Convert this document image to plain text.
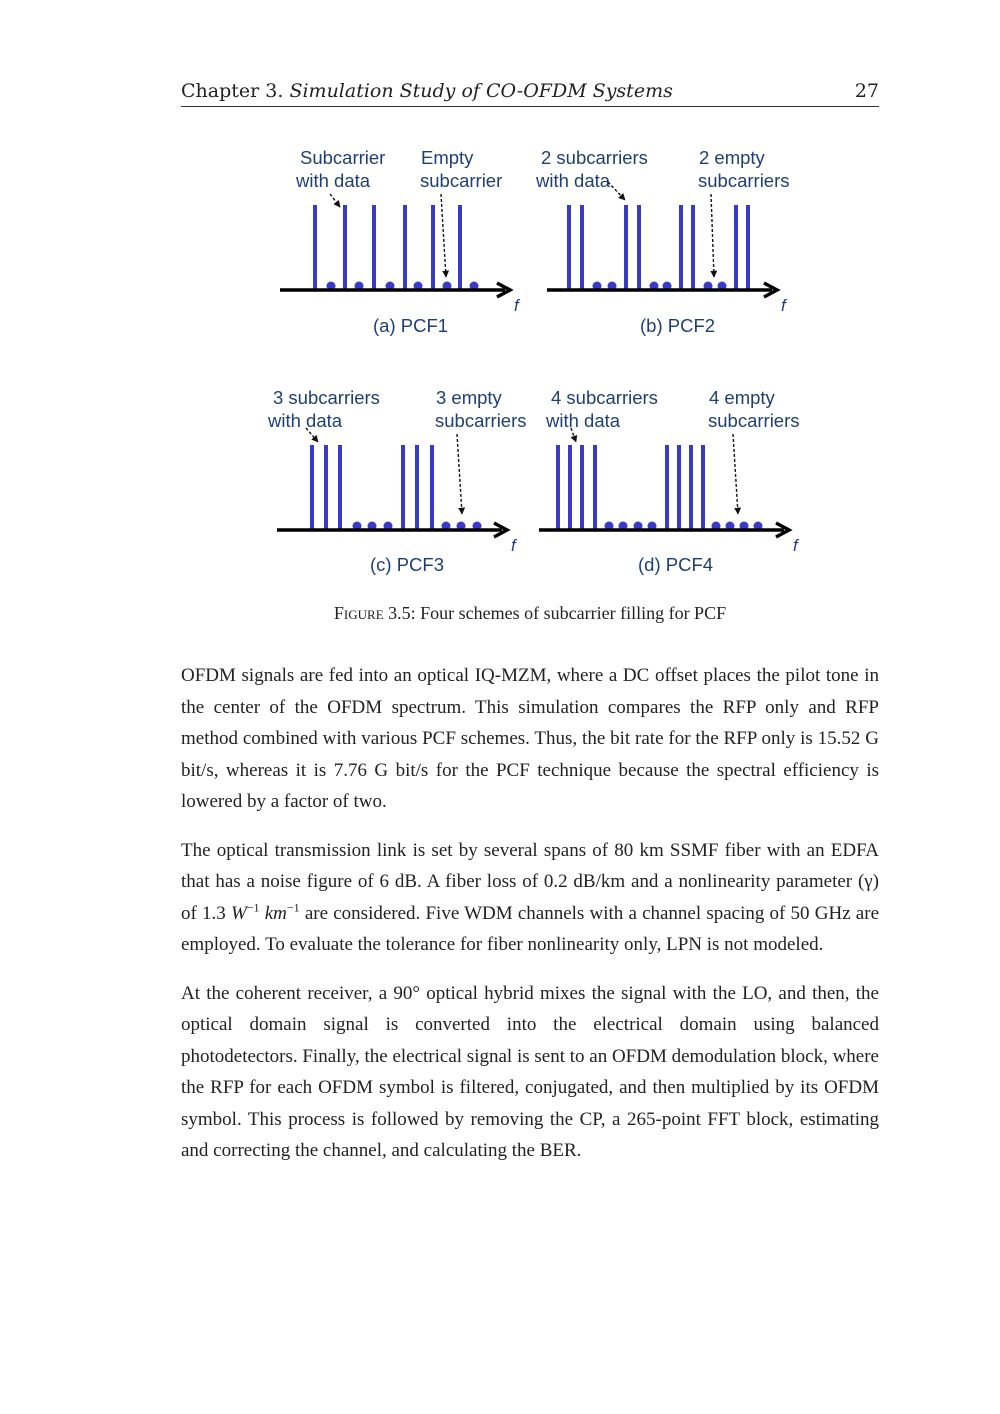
Chapter 3. Simulation Study of CO-OFDM Systems	27
Subcarrier
with data
Empty
subcarrier
f
(a) PCF1
2 subcarriers
with data
2 empty
subcarriers
f
(b) PCF2
3 subcarriers
with data
3 empty
subcarriers
f
(c) PCF3
4 subcarriers
with data
4 empty
subcarriers
f
(d) PCF4
Figure 3.5: Four schemes of subcarrier filling for PCF

OFDM signals are fed into an optical IQ-MZM, where a DC offset places the pilot tone in the center of the OFDM spectrum. This simulation compares the RFP only and RFP method combined with various PCF schemes. Thus, the bit rate for the RFP only is 15.52 G bit/s, whereas it is 7.76 G bit/s for the PCF technique because the spectral efficiency is lowered by a factor of two.

The optical transmission link is set by several spans of 80 km SSMF fiber with an EDFA that has a noise figure of 6 dB. A fiber loss of 0.2 dB/km and a nonlinearity parameter (γ) of 1.3 $W^{-1}$ $km^{-1}$ are considered. Five WDM channels with a channel spacing of 50 GHz are employed. To evaluate the tolerance for fiber nonlinearity only, LPN is not modeled.

At the coherent receiver, a 90° optical hybrid mixes the signal with the LO, and then, the optical domain signal is converted into the electrical domain using balanced photodetectors. Finally, the electrical signal is sent to an OFDM demodulation block, where the RFP for each OFDM symbol is filtered, conjugated, and then multiplied by its OFDM symbol. This process is followed by removing the CP, a 265-point FFT block, estimating and correcting the channel, and calculating the BER.
